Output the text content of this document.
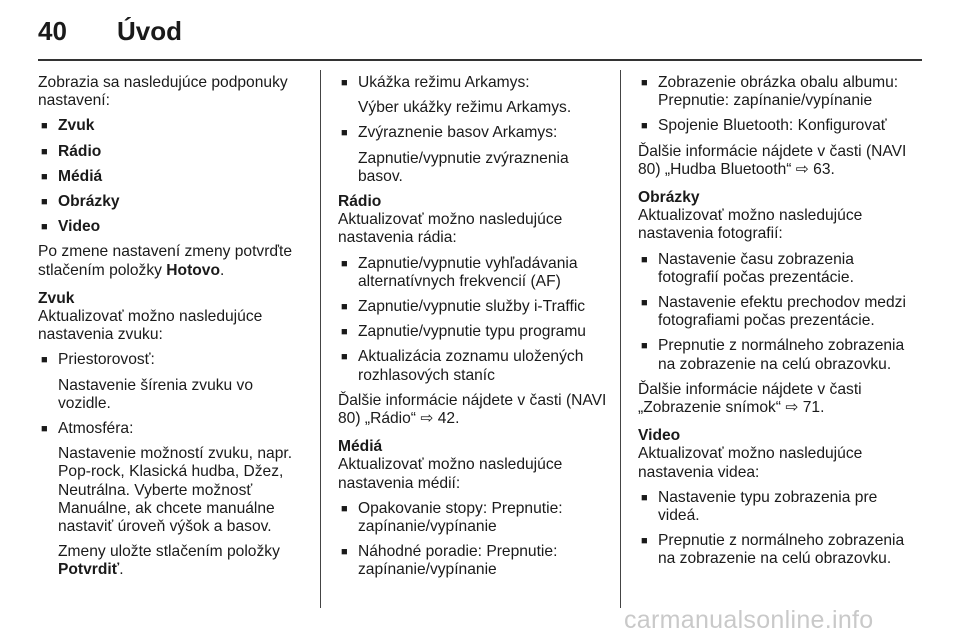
40 Úvod

Zobrazia sa nasledujúce podponuky nastavení:

■ Zvuk
■ Rádio
■ Médiá
■ Obrázky
■ Video

Po zmene nastavení zmeny potvrďte stlačením položky Hotovo.

Zvuk

Aktualizovať možno nasledujúce nastavenia zvuku:

■ Priestorovosť:

Nastavenie šírenia zvuku vo vozidle.

■ Atmosféra:

Nastavenie možností zvuku, napr. Pop-rock, Klasická hudba, Džez, Neutrálna. Vyberte možnosť Manuálne, ak chcete manuálne nastaviť úroveň výšok a basov.

Zmeny uložte stlačením položky Potvrdiť.

■ Ukážka režimu Arkamys:

Výber ukážky režimu Arkamys.

■ Zvýraznenie basov Arkamys:

Zapnutie/vypnutie zvýraznenia basov.

Rádio

Aktualizovať možno nasledujúce nastavenia rádia:

■ Zapnutie/vypnutie vyhľadávania alternatívnych frekvencií (AF)
■ Zapnutie/vypnutie služby i-Traffic
■ Zapnutie/vypnutie typu programu
■ Aktualizácia zoznamu uložených rozhlasových staníc

Ďalšie informácie nájdete v časti (NAVI 80) „Rádio“ ⇨ 42.

Médiá

Aktualizovať možno nasledujúce nastavenia médií:

■ Opakovanie stopy: Prepnutie: zapínanie/vypínanie
■ Náhodné poradie: Prepnutie: zapínanie/vypínanie
■ Zobrazenie obrázka obalu albumu: Prepnutie: zapínanie/vypínanie
■ Spojenie Bluetooth: Konfigurovať

Ďalšie informácie nájdete v časti (NAVI 80) „Hudba Bluetooth“ ⇨ 63.

Obrázky

Aktualizovať možno nasledujúce nastavenia fotografií:

■ Nastavenie času zobrazenia fotografií počas prezentácie.
■ Nastavenie efektu prechodov medzi fotografiami počas prezentácie.
■ Prepnutie z normálneho zobrazenia na zobrazenie na celú obrazovku.

Ďalšie informácie nájdete v časti „Zobrazenie snímok“ ⇨ 71.

Video

Aktualizovať možno nasledujúce nastavenia videa:

■ Nastavenie typu zobrazenia pre videá.
■ Prepnutie z normálneho zobrazenia na zobrazenie na celú obrazovku.
carmanualsonline.info
